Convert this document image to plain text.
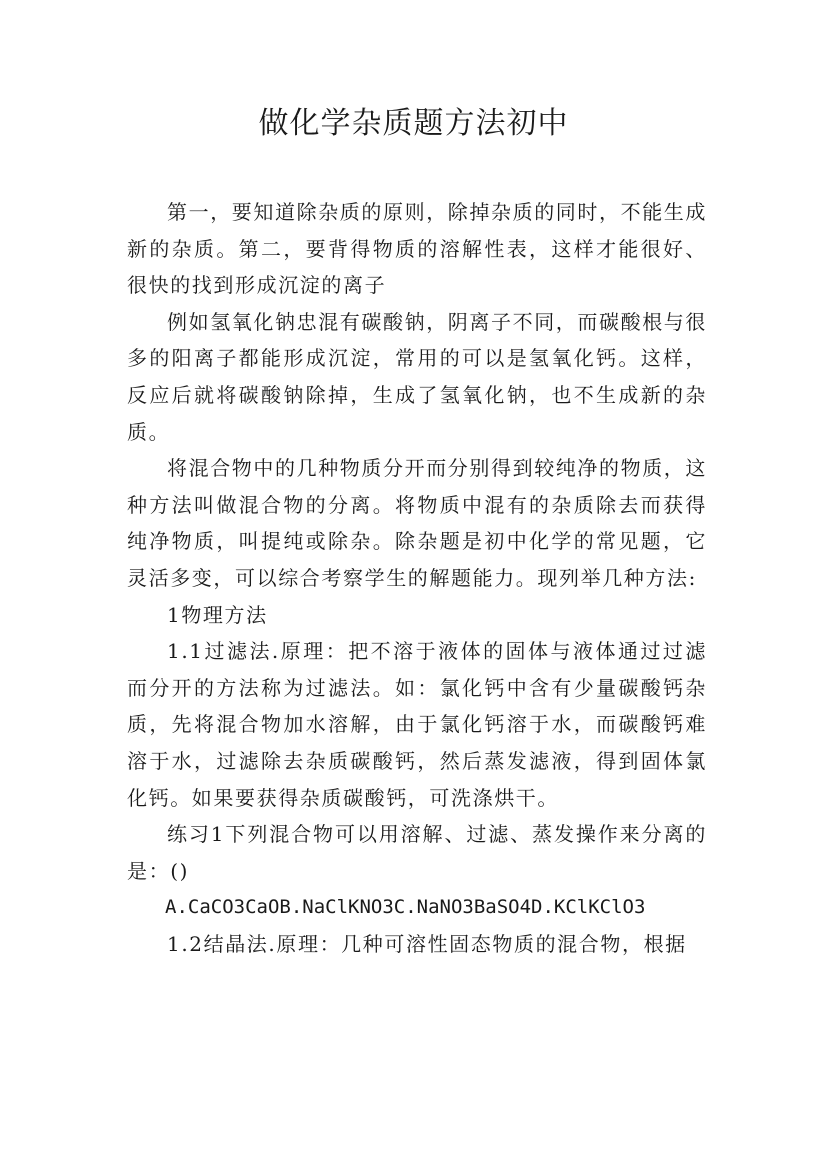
做化学杂质题方法初中

第一，要知道除杂质的原则，除掉杂质的同时，不能生成新的杂质。第二，要背得物质的溶解性表，这样才能很好、很快的找到形成沉淀的离子

例如氢氧化钠忠混有碳酸钠，阴离子不同，而碳酸根与很多的阳离子都能形成沉淀，常用的可以是氢氧化钙。这样，反应后就将碳酸钠除掉，生成了氢氧化钠，也不生成新的杂质。

将混合物中的几种物质分开而分别得到较纯净的物质，这种方法叫做混合物的分离。将物质中混有的杂质除去而获得纯净物质，叫提纯或除杂。除杂题是初中化学的常见题，它灵活多变，可以综合考察学生的解题能力。现列举几种方法:

1物理方法

1.1过滤法.原理：把不溶于液体的固体与液体通过过滤而分开的方法称为过滤法。如：氯化钙中含有少量碳酸钙杂质，先将混合物加水溶解，由于氯化钙溶于水，而碳酸钙难溶于水，过滤除去杂质碳酸钙，然后蒸发滤液，得到固体氯化钙。如果要获得杂质碳酸钙，可洗涤烘干。

练习1下列混合物可以用溶解、过滤、蒸发操作来分离的是：()

A.CaCO3CaOB.NaClKNO3C.NaNO3BaSO4D.KClKClO3

1.2结晶法.原理：几种可溶性固态物质的混合物，根据
